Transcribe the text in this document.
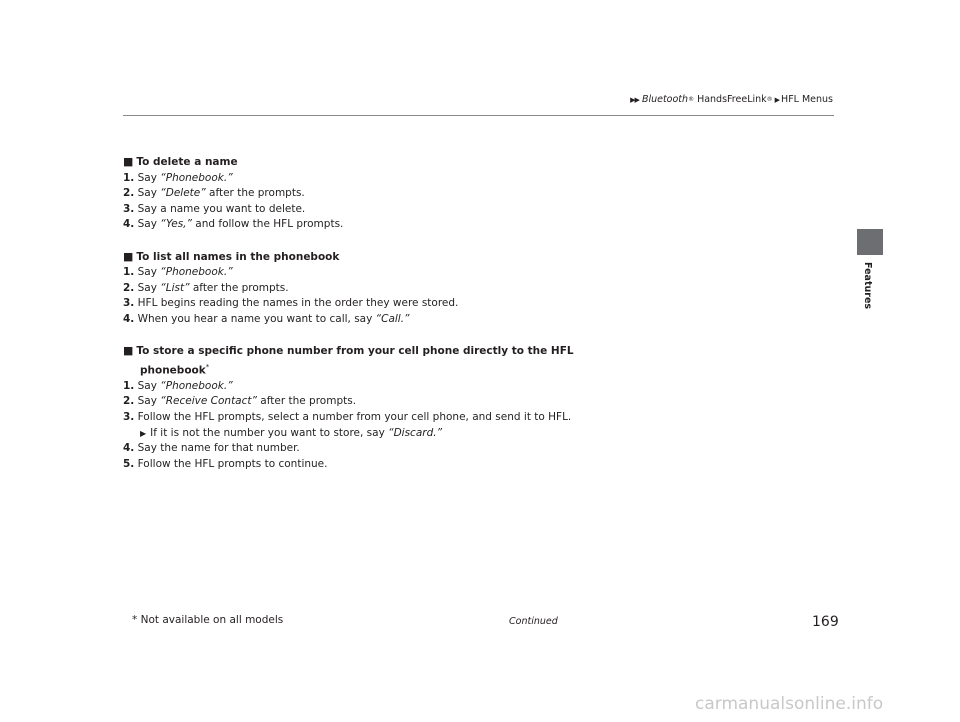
▶▶ Bluetooth ® HandsFreeLink ® ▶ HFL Menus
Features
■ To delete a name
1. Say “Phonebook.”
2. Say “Delete” after the prompts.
3. Say a name you want to delete.
4. Say “Yes,” and follow the HFL prompts.
■ To list all names in the phonebook
1. Say “Phonebook.”
2. Say “List” after the prompts.
3. HFL begins reading the names in the order they were stored.
4. When you hear a name you want to call, say “Call.”
■ To store a specific phone number from your cell phone directly to the HFL
phonebook*
1. Say “Phonebook.”
2. Say “Receive Contact” after the prompts.
3. Follow the HFL prompts, select a number from your cell phone, and send it to HFL.
▶ If it is not the number you want to store, say “Discard.”
4. Say the name for that number.
5. Follow the HFL prompts to continue.
* Not available on all models	Continued	169
carmanualsonline.info
